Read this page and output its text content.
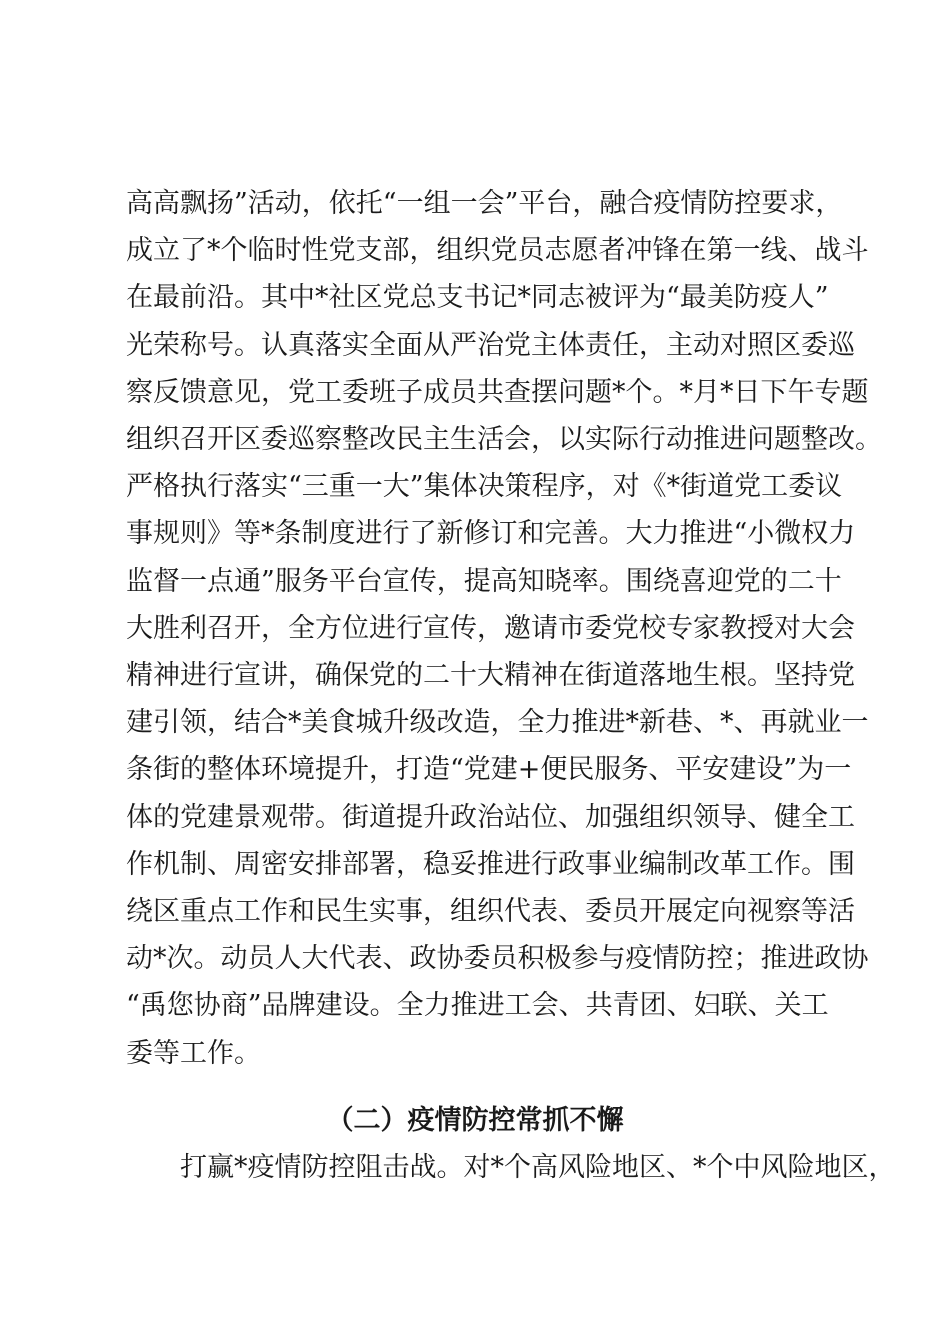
高高飘扬”活动，依托“一组一会”平台，融合疫情防控要求，
成立了*个临时性党支部，组织党员志愿者冲锋在第一线、战斗
在最前沿。其中*社区党总支书记*同志被评为“最美防疫人”
光荣称号。认真落实全面从严治党主体责任，主动对照区委巡
察反馈意见，党工委班子成员共查摆问题*个。*月*日下午专题
组织召开区委巡察整改民主生活会，以实际行动推进问题整改。
严格执行落实“三重一大”集体决策程序，对《*街道党工委议
事规则》等*条制度进行了新修订和完善。大力推进“小微权力
监督一点通”服务平台宣传，提高知晓率。围绕喜迎党的二十
大胜利召开，全方位进行宣传，邀请市委党校专家教授对大会
精神进行宣讲，确保党的二十大精神在街道落地生根。坚持党
建引领，结合*美食城升级改造，全力推进*新巷、*、再就业一
条街的整体环境提升，打造“党建+便民服务、平安建设”为一
体的党建景观带。街道提升政治站位、加强组织领导、健全工
作机制、周密安排部署，稳妥推进行政事业编制改革工作。围
绕区重点工作和民生实事，组织代表、委员开展定向视察等活
动*次。动员人大代表、政协委员积极参与疫情防控；推进政协
“禹您协商”品牌建设。全力推进工会、共青团、妇联、关工
委等工作。
（二）疫情防控常抓不懈
打赢*疫情防控阻击战。对*个高风险地区、*个中风险地区，
